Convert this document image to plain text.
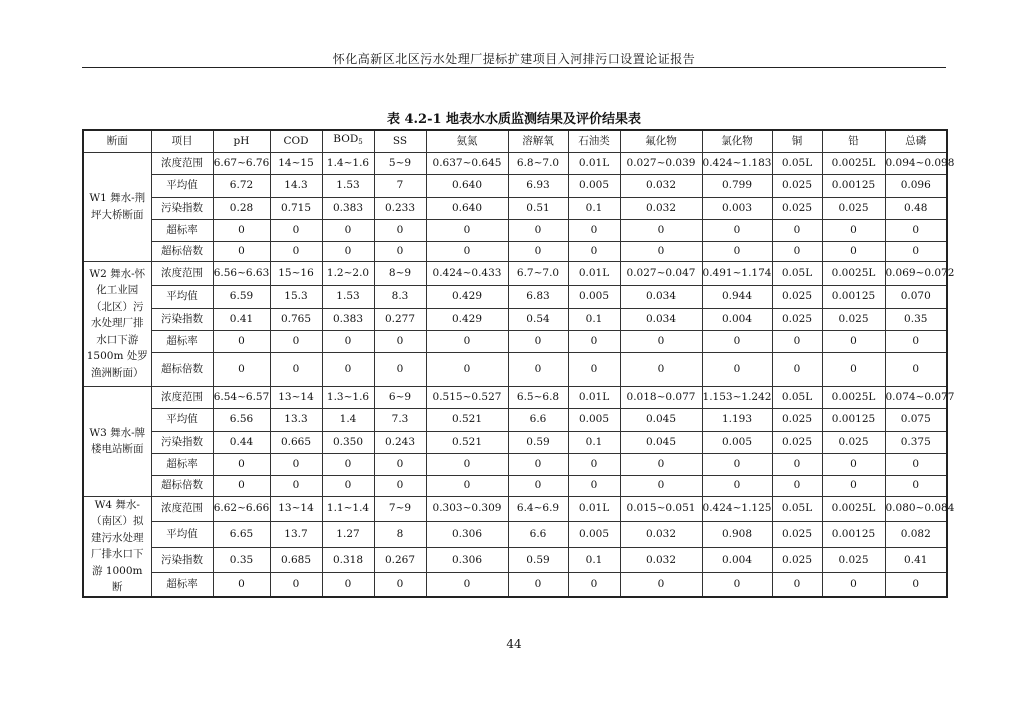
怀化高新区北区污水处理厂提标扩建项目入河排污口设置论证报告
表 4.2-1 地表水水质监测结果及评价结果表
断面	项目	pH	COD	$BOD_5$	SS	氨氮	溶解氧	石油类	氟化物	氯化物	铜	铅	总磷
W1 舞水-荆坪大桥断面	浓度范围	6.67~6.76	14~15	1.4~1.6	5~9	0.637~0.645	6.8~7.0	0.01L	0.027~0.039	0.424~1.183	0.05L	0.0025L	0.094~0.098
	平均值	6.72	14.3	1.53	7	0.640	6.93	0.005	0.032	0.799	0.025	0.00125	0.096
	污染指数	0.28	0.715	0.383	0.233	0.640	0.51	0.1	0.032	0.003	0.025	0.025	0.48
	超标率	0	0	0	0	0	0	0	0	0	0	0	0
	超标倍数	0	0	0	0	0	0	0	0	0	0	0	0
W2 舞水-怀化工业园（北区）污水处理厂排水口下游 1500m 处罗渔洲断面）	浓度范围	6.56~6.63	15~16	1.2~2.0	8~9	0.424~0.433	6.7~7.0	0.01L	0.027~0.047	0.491~1.174	0.05L	0.0025L	0.069~0.072
	平均值	6.59	15.3	1.53	8.3	0.429	6.83	0.005	0.034	0.944	0.025	0.00125	0.070
	污染指数	0.41	0.765	0.383	0.277	0.429	0.54	0.1	0.034	0.004	0.025	0.025	0.35
	超标率	0	0	0	0	0	0	0	0	0	0	0	0
	超标倍数	0	0	0	0	0	0	0	0	0	0	0	0
W3 舞水-牌楼电站断面	浓度范围	6.54~6.57	13~14	1.3~1.6	6~9	0.515~0.527	6.5~6.8	0.01L	0.018~0.077	1.153~1.242	0.05L	0.0025L	0.074~0.077
	平均值	6.56	13.3	1.4	7.3	0.521	6.6	0.005	0.045	1.193	0.025	0.00125	0.075
	污染指数	0.44	0.665	0.350	0.243	0.521	0.59	0.1	0.045	0.005	0.025	0.025	0.375
	超标率	0	0	0	0	0	0	0	0	0	0	0	0
	超标倍数	0	0	0	0	0	0	0	0	0	0	0	0
W4 舞水-（南区）拟建污水处理厂排水口下游 1000m 断	浓度范围	6.62~6.66	13~14	1.1~1.4	7~9	0.303~0.309	6.4~6.9	0.01L	0.015~0.051	0.424~1.125	0.05L	0.0025L	0.080~0.084
	平均值	6.65	13.7	1.27	8	0.306	6.6	0.005	0.032	0.908	0.025	0.00125	0.082
	污染指数	0.35	0.685	0.318	0.267	0.306	0.59	0.1	0.032	0.004	0.025	0.025	0.41
	超标率	0	0	0	0	0	0	0	0	0	0	0	0
44
